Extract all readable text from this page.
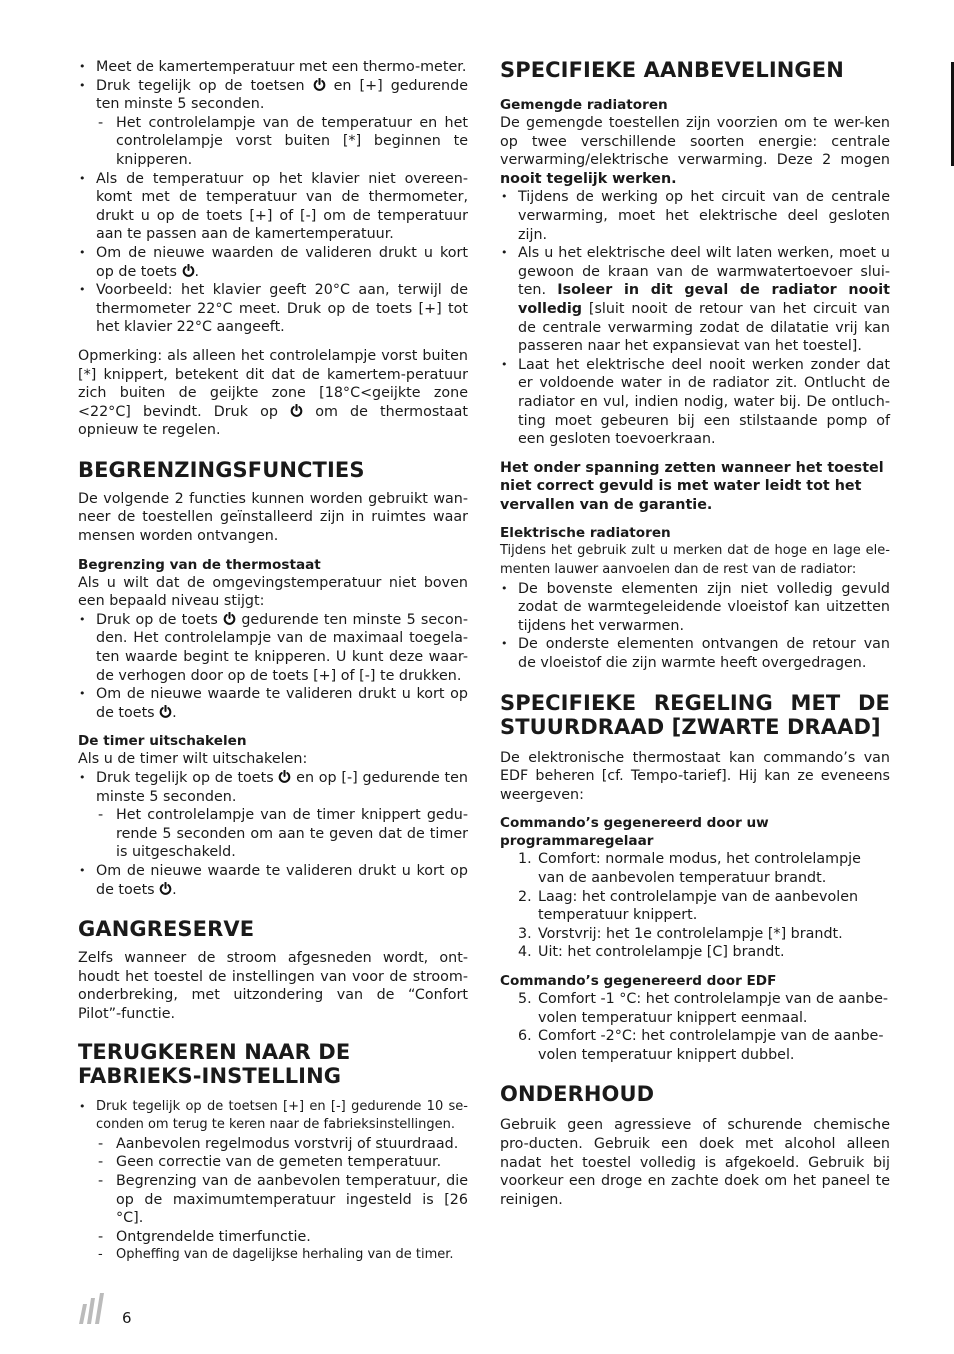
• Meet de kamertemperatuur met een thermo-meter.
• Druk tegelijk op de toetsen  en [+] gedurende ten minste 5 seconden.
- Het controlelampje van de temperatuur en het controlelampje vorst buiten [*] beginnen te knipperen.
• Als de temperatuur op het klavier niet overeen-komt met de temperatuur van de thermometer, drukt u op de toets [+] of [-] om de temperatuur aan te passen aan de kamertemperatuur.
• Om de nieuwe waarden de valideren drukt u kort op de toets .
• Voorbeeld: het klavier geeft 20°C aan, terwijl de thermometer 22°C meet. Druk op de toets [+] tot het klavier 22°C aangeeft.

Opmerking: als alleen het controlelampje vorst buiten [*] knippert, betekent dit dat de kamertem-peratuur zich buiten de geijkte zone [18°C<geijkte zone <22°C] bevindt. Druk op  om de thermostaat opnieuw te regelen.

BEGRENZINGSFUNCTIES

De volgende 2 functies kunnen worden gebruikt wan-neer de toestellen geïnstalleerd zijn in ruimtes waar mensen worden ontvangen.

Begrenzing van de thermostaat

Als u wilt dat de omgevingstemperatuur niet boven een bepaald niveau stijgt:

• Druk op de toets  gedurende ten minste 5 secon-den. Het controlelampje van de maximaal toegela-ten waarde begint te knipperen. U kunt deze waar-de verhogen door op de toets [+] of [-] te drukken.
• Om de nieuwe waarde te valideren drukt u kort op de toets .
De timer uitschakelen

Als u de timer wilt uitschakelen:

• Druk tegelijk op de toets  en op [-] gedurende ten minste 5 seconden.
- Het controlelampje van de timer knippert gedu-rende 5 seconden om aan te geven dat de timer is uitgeschakeld.
• Om de nieuwe waarde te valideren drukt u kort op de toets .
GANGRESERVE

Zelfs wanneer de stroom afgesneden wordt, ont-houdt het toestel de instellingen van voor de stroom-onderbreking, met uitzondering van de “Confort Pilot”-functie.

TERUGKEREN NAAR DE FABRIEKS-INSTELLING
• Druk tegelijk op de toetsen [+] en [-] gedurende 10 se-conden om terug te keren naar de fabrieksinstellingen.
- Aanbevolen regelmodus vorstvrij of stuurdraad.
- Geen correctie van de gemeten temperatuur.
- Begrenzing van de aanbevolen temperatuur, die op de maximumtemperatuur ingesteld is [26 °C].
- Ontgrendelde timerfunctie.
- Opheffing van de dagelijkse herhaling van de timer.
SPECIFIEKE AANBEVELINGEN
Gemengde radiatoren

De gemengde toestellen zijn voorzien om te wer-ken op twee verschillende soorten energie: centrale verwarming/elektrische verwarming. Deze 2 mogen nooit tegelijk werken.

• Tijdens de werking op het circuit van de centrale verwarming, moet het elektrische deel gesloten zijn.
• Als u het elektrische deel wilt laten werken, moet u gewoon de kraan van de warmwatertoevoer slui-ten. Isoleer in dit geval de radiator nooit volledig [sluit nooit de retour van het circuit van de centrale verwarming zodat de dilatatie vrij kan passeren naar het expansievat van het toestel].
• Laat het elektrische deel nooit werken zonder dat er voldoende water in de radiator zit. Ontlucht de radiator en vul, indien nodig, water bij. De ontluch-ting moet gebeuren bij een stilstaande pomp of een gesloten toevoerkraan.

Het onder spanning zetten wanneer het toestel niet correct gevuld is met water leidt tot het vervallen van de garantie.

Elektrische radiatoren

Tijdens het gebruik zult u merken dat de hoge en lage ele-menten lauwer aanvoelen dan de rest van de radiator:

• De bovenste elementen zijn niet volledig gevuld zodat de warmtegeleidende vloeistof kan uitzetten tijdens het verwarmen.
• De onderste elementen ontvangen de retour van de vloeistof die zijn warmte heeft overgedragen.
SPECIFIEKE REGELING MET DE STUURDRAAD [ZWARTE DRAAD]

De elektronische thermostaat kan commando’s van EDF beheren [cf. Tempo-tarief]. Hij kan ze eveneens weergeven:

Commando’s gegenereerd door uw programmaregelaar
1. Comfort: normale modus, het controlelampje van de aanbevolen temperatuur brandt.
2. Laag: het controlelampje van de aanbevolen temperatuur knippert.
3. Vorstvrij: het 1e controlelampje [*] brandt.
4. Uit: het controlelampje [C] brandt.
Commando’s gegenereerd door EDF
5. Comfort -1 °C: het controlelampje van de aanbe-volen temperatuur knippert eenmaal.
6. Comfort -2°C: het controlelampje van de aanbe-volen temperatuur knippert dubbel.
ONDERHOUD

Gebruik geen agressieve of schurende chemische pro-ducten. Gebruik een doek met alcohol alleen nadat het toestel volledig is afgekoeld. Gebruik bij voorkeur een droge en zachte doek om het paneel te reinigen.

6
